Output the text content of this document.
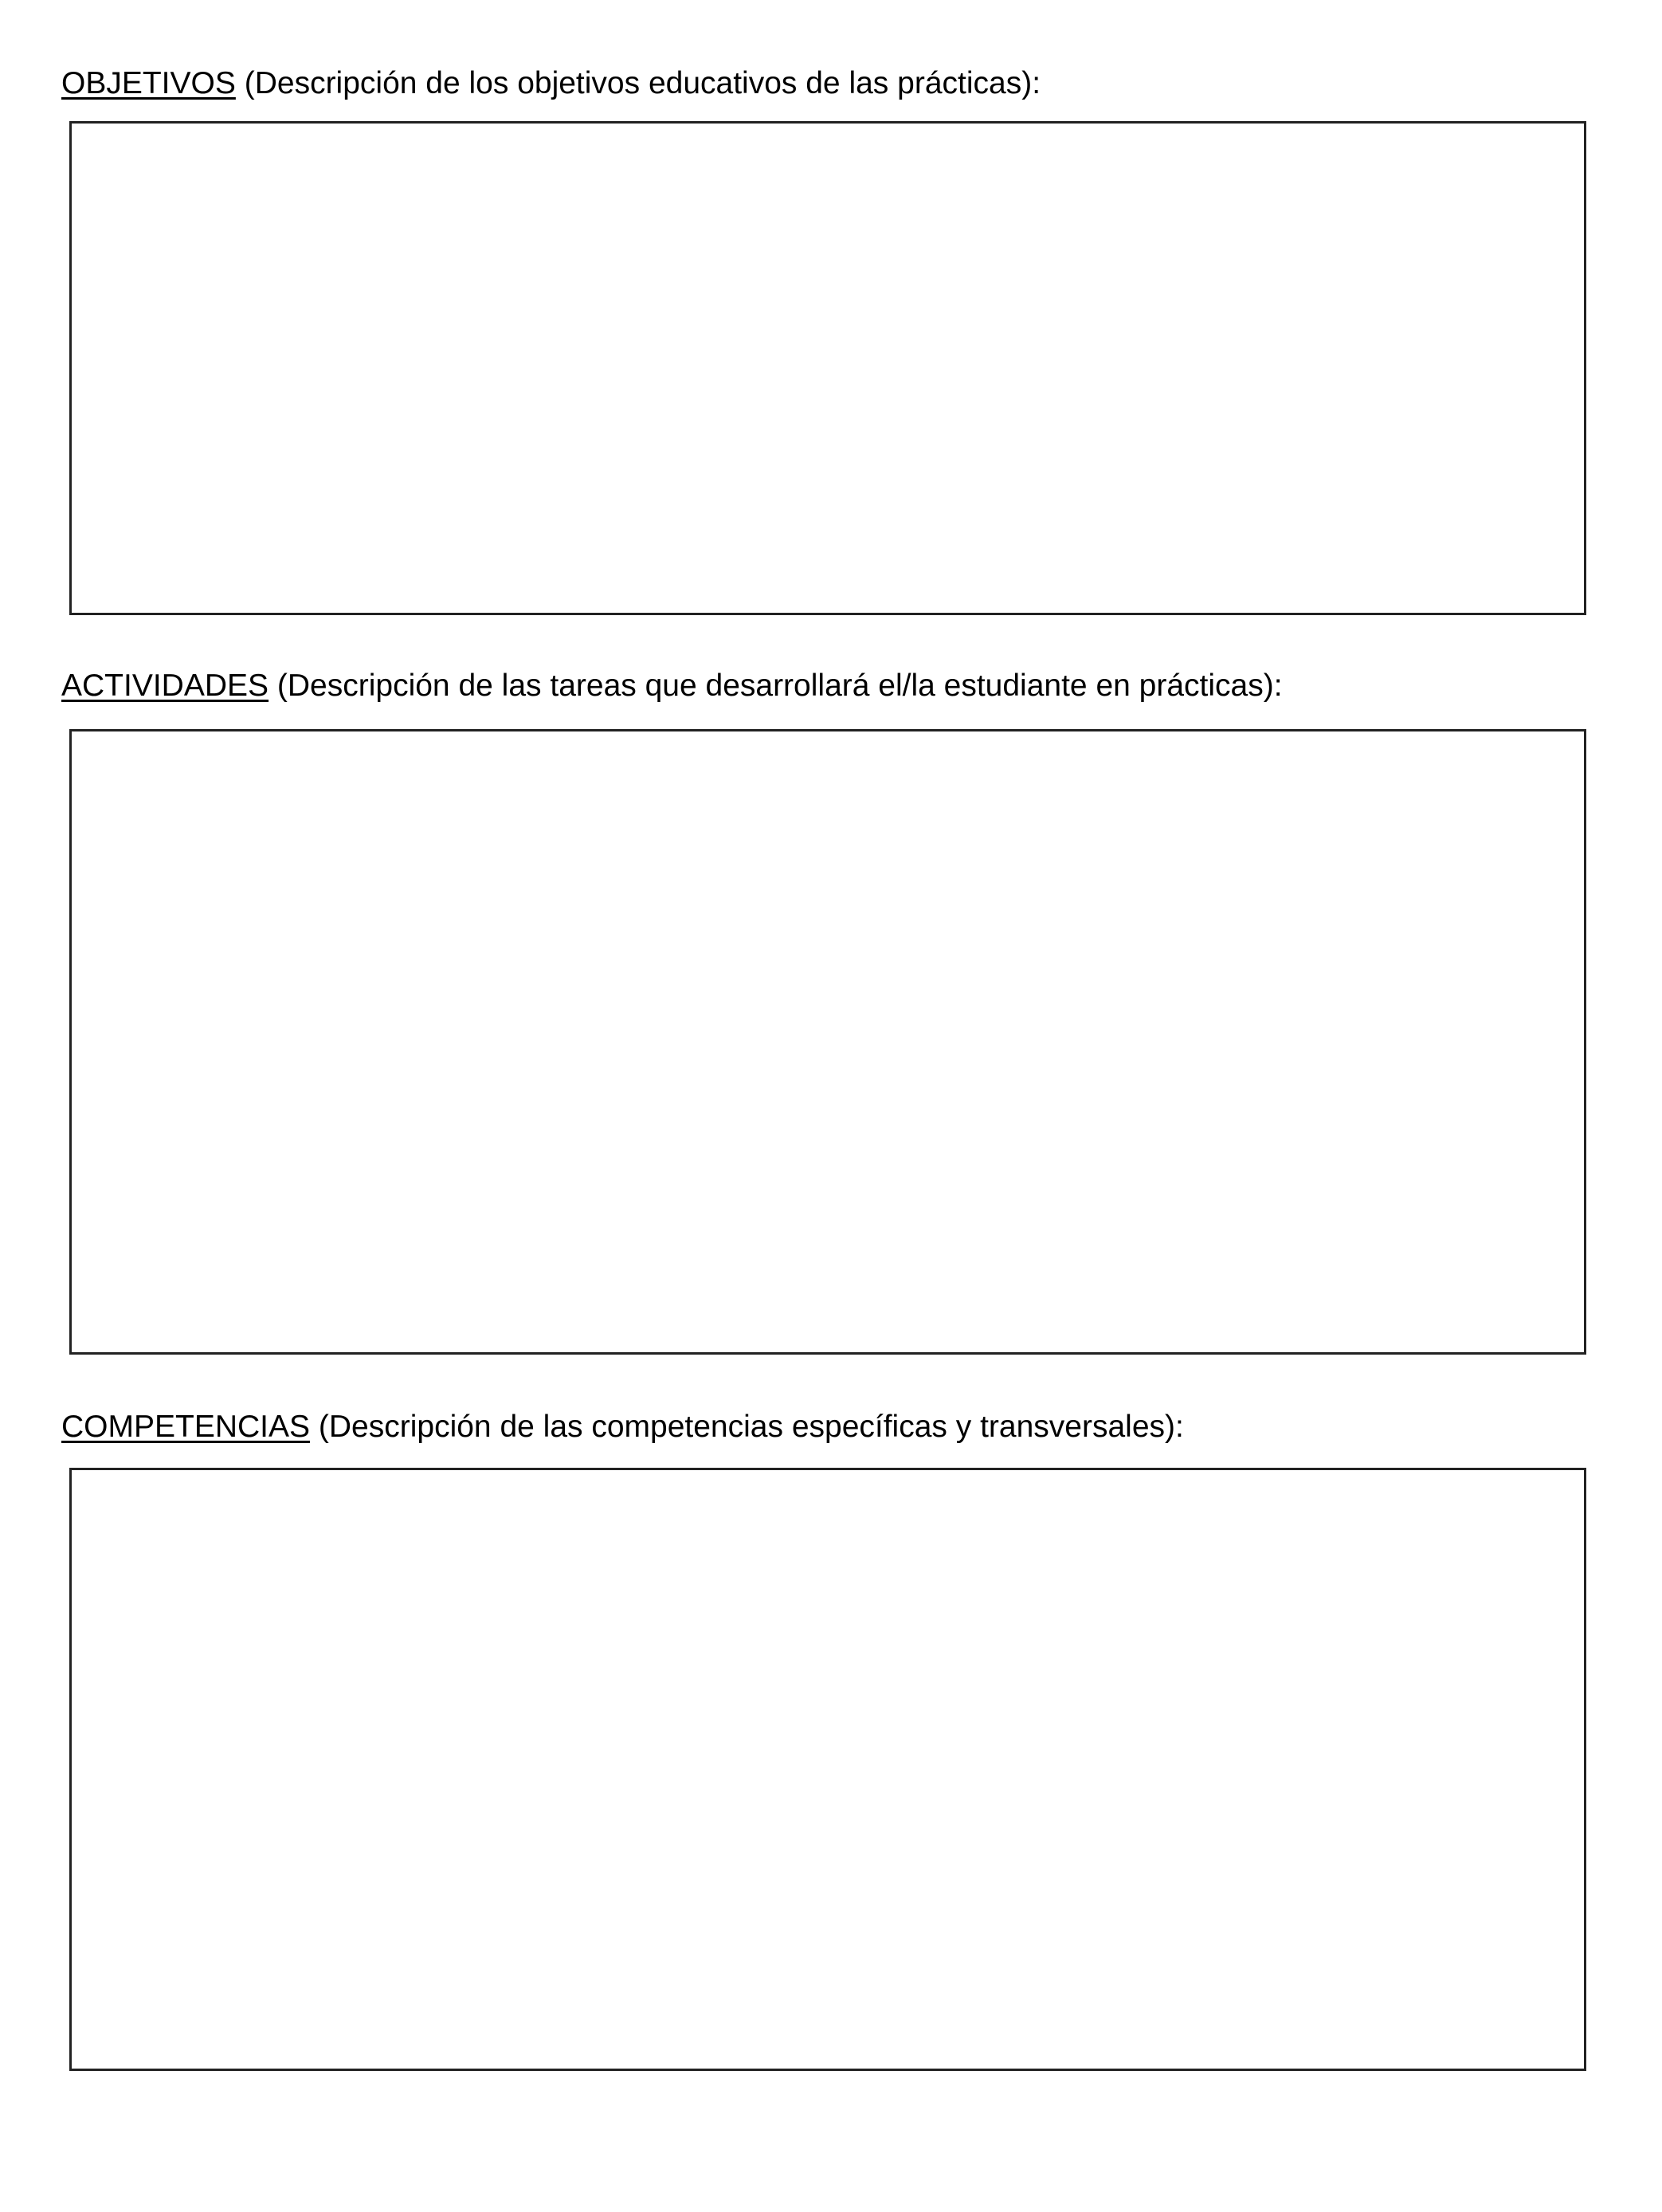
OBJETIVOS (Descripción de los objetivos educativos de las prácticas):
ACTIVIDADES (Descripción de las tareas que desarrollará el/la estudiante en prácticas):
COMPETENCIAS (Descripción de las competencias específicas y transversales):
